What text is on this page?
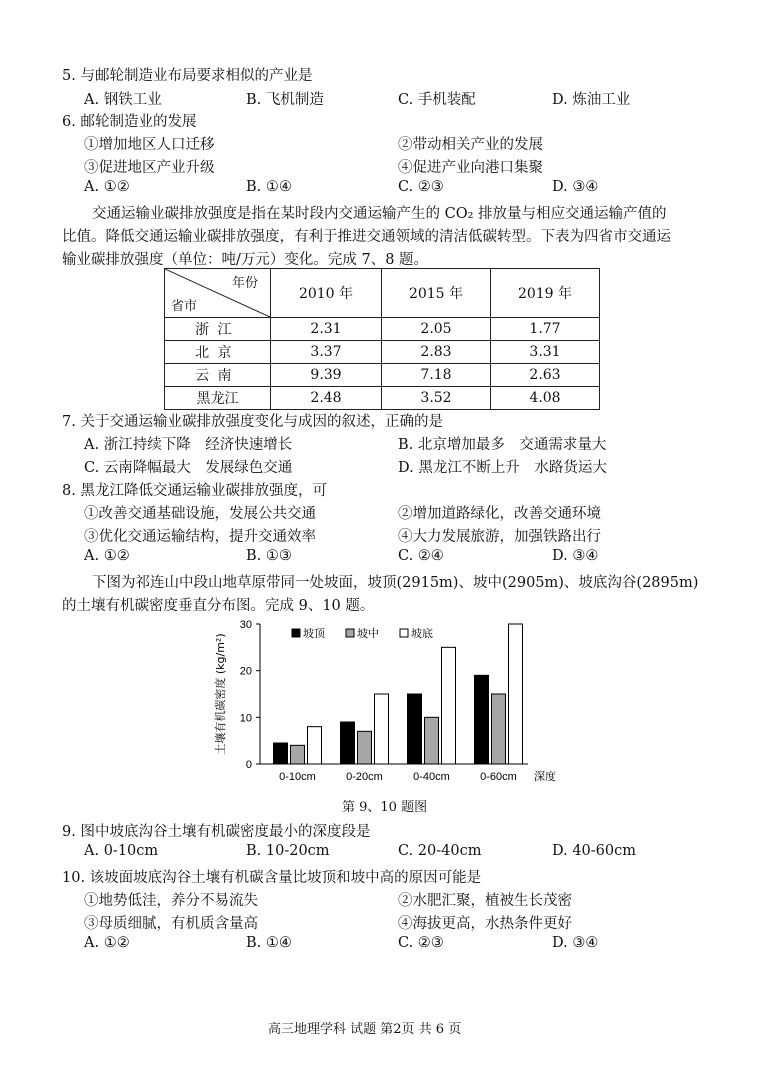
5. 与邮轮制造业布局要求相似的产业是
A. 钢铁工业	B. 飞机制造	C. 手机装配	D. 炼油工业
6. 邮轮制造业的发展
①增加地区人口迁移	②带动相关产业的发展
③促进地区产业升级	④促进产业向港口集聚
A. ①②	B. ①④	C. ②③	D. ③④
交通运输业碳排放强度是指在某时段内交通运输产生的 CO₂ 排放量与相应交通运输产值的
比值。降低交通运输业碳排放强度，有利于推进交通领域的清洁低碳转型。下表为四省市交通运
输业碳排放强度（单位：吨/万元）变化。完成 7、8 题。
年份
省市	2010 年	2015 年	2019 年
浙江	2.31	2.05	1.77
北京	3.37	2.83	3.31
云南	9.39	7.18	2.63
黑龙江	2.48	3.52	4.08
7. 关于交通运输业碳排放强度变化与成因的叙述，正确的是
A. 浙江持续下降　经济快速增长	B. 北京增加最多　交通需求量大
C. 云南降幅最大　发展绿色交通	D. 黑龙江不断上升　水路货运大
8. 黑龙江降低交通运输业碳排放强度，可
①改善交通基础设施，发展公共交通	②增加道路绿化，改善交通环境
③优化交通运输结构，提升交通效率	④大力发展旅游，加强铁路出行
A. ①②	B. ①③	C. ②④	D. ③④
下图为祁连山中段山地草原带同一处坡面，坡顶(2915m)、坡中(2905m)、坡底沟谷(2895m)
的土壤有机碳密度垂直分布图。完成 9、10 题。
0
10
20
30
土壤有机碳密度 (kg/m²)
0-10cm	0-20cm	0-40cm	0-60cm 深度
坡顶	坡中	坡底
第 9、10 题图
9. 图中坡底沟谷土壤有机碳密度最小的深度段是
A. 0-10cm	B. 10-20cm	C. 20-40cm	D. 40-60cm
10. 该坡面坡底沟谷土壤有机碳含量比坡顶和坡中高的原因可能是
①地势低洼，养分不易流失	②水肥汇聚，植被生长茂密
③母质细腻，有机质含量高	④海拔更高，水热条件更好
A. ①②	B. ①④	C. ②③	D. ③④
高三地理学科 试题 第2页 共 6 页
